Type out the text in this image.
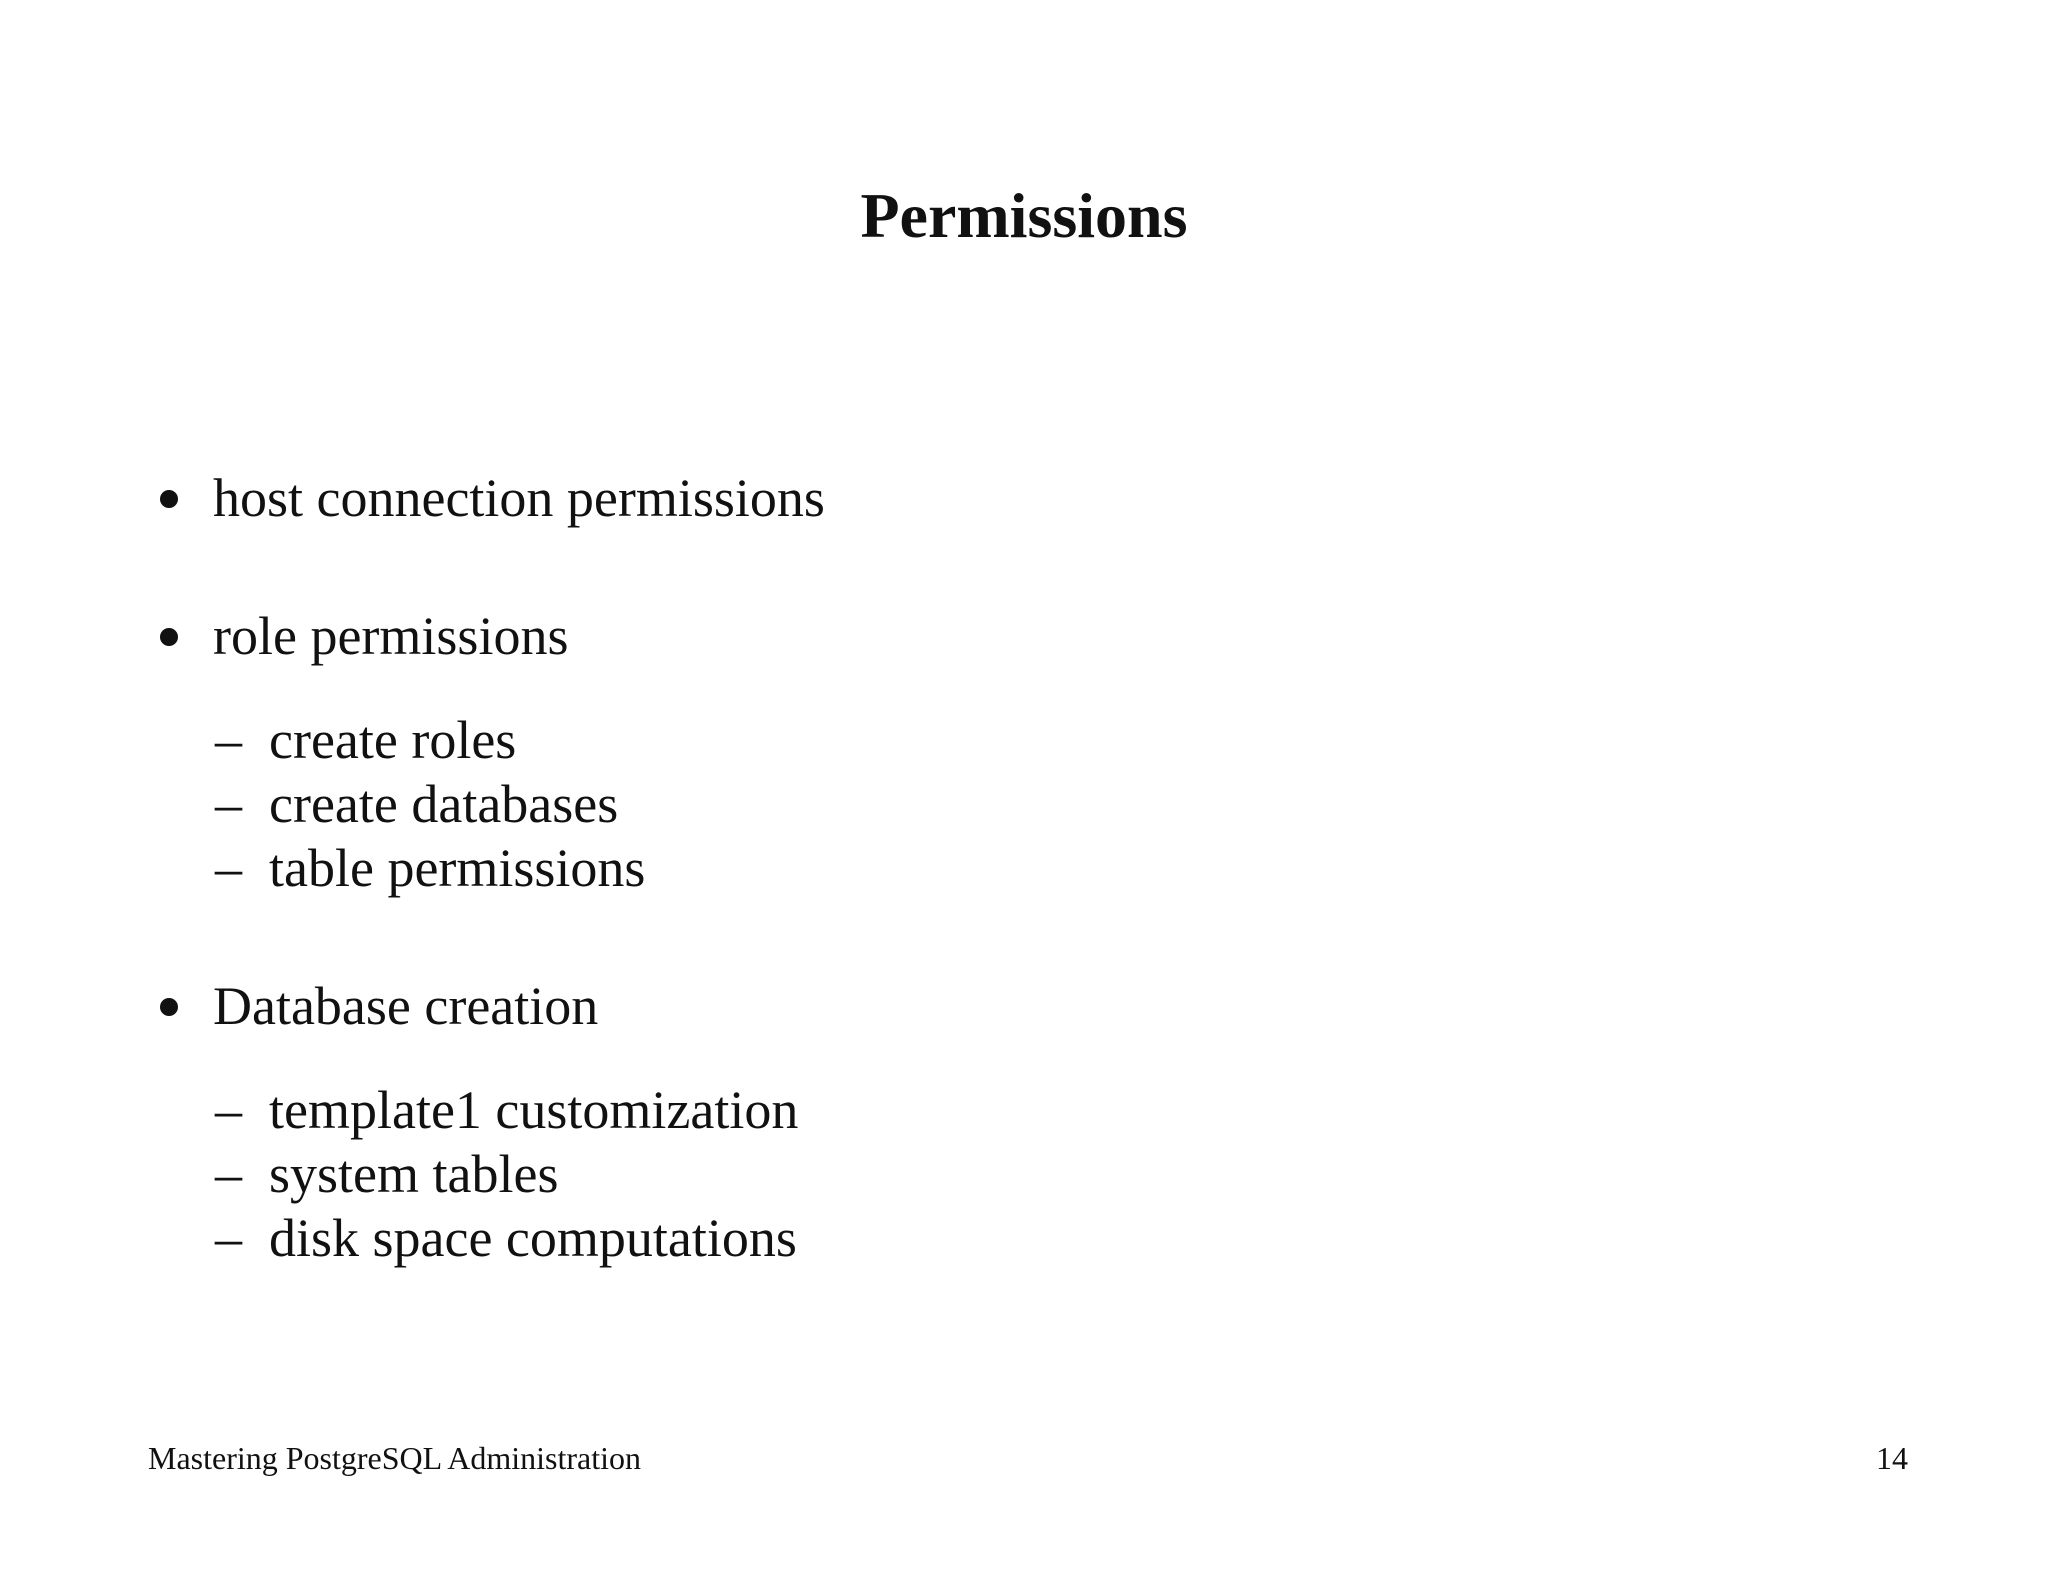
Permissions
host connection permissions
role permissions
– create roles
– create databases
– table permissions
Database creation
– template1 customization
– system tables
– disk space computations
Mastering PostgreSQL Administration	14
